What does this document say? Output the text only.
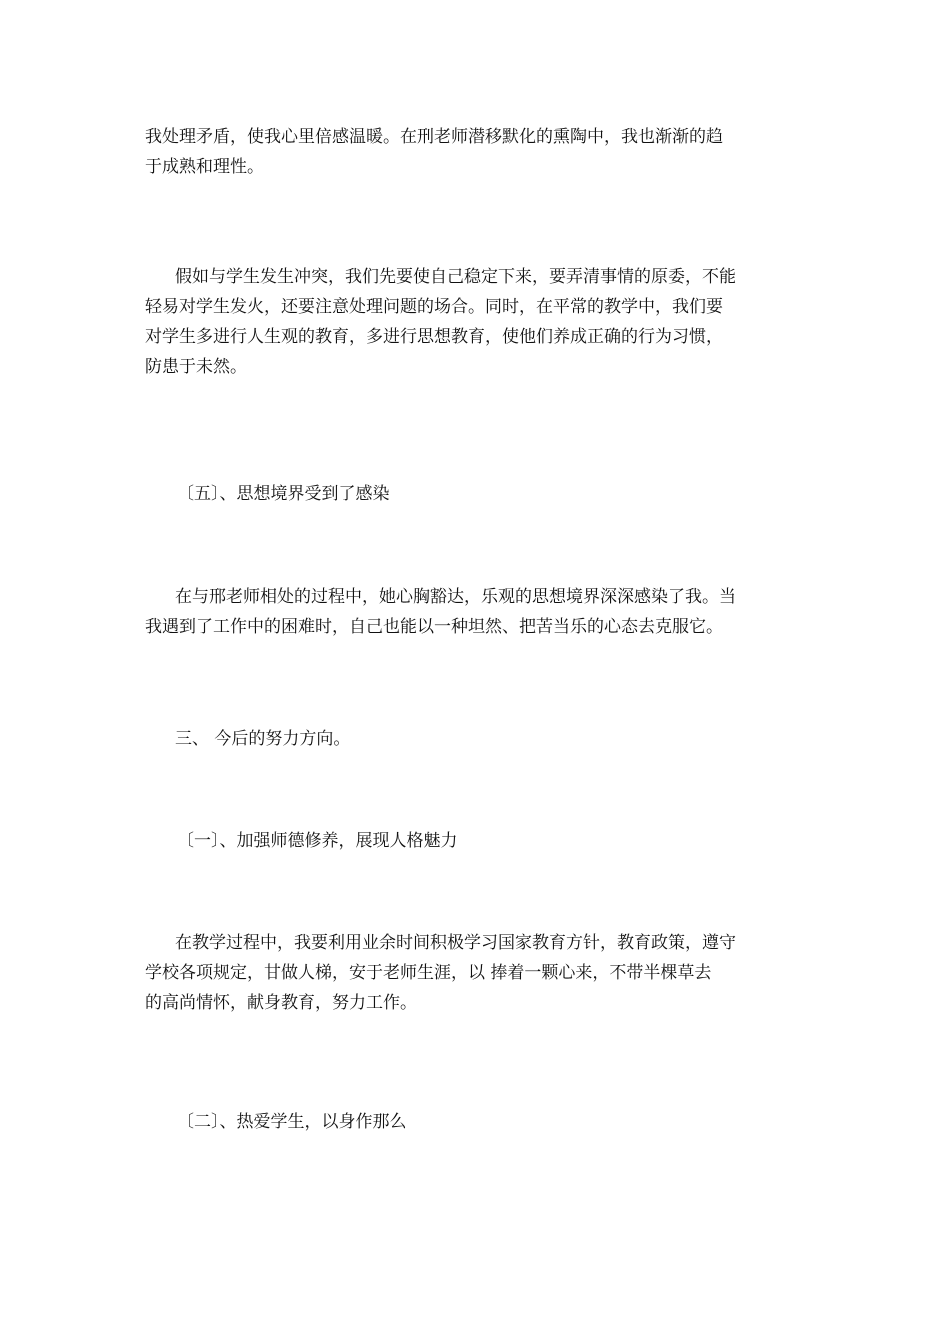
我处理矛盾，使我心里倍感温暖。在刑老师潜移默化的熏陶中，我也渐渐的趋
于成熟和理性。
假如与学生发生冲突，我们先要使自己稳定下来，要弄清事情的原委，不能
轻易对学生发火，还要注意处理问题的场合。同时，在平常的教学中，我们要
对学生多进行人生观的教育，多进行思想教育，使他们养成正确的行为习惯，
防患于未然。
〔五〕、思想境界受到了感染
在与邢老师相处的过程中，她心胸豁达，乐观的思想境界深深感染了我。当
我遇到了工作中的困难时，自己也能以一种坦然、把苦当乐的心态去克服它。
三、 今后的努力方向。
〔一〕、加强师德修养，展现人格魅力
在教学过程中，我要利用业余时间积极学习国家教育方针，教育政策，遵守
学校各项规定，甘做人梯，安于老师生涯，以 捧着一颗心来，不带半棵草去
的高尚情怀，献身教育，努力工作。
〔二〕、热爱学生，以身作那么
